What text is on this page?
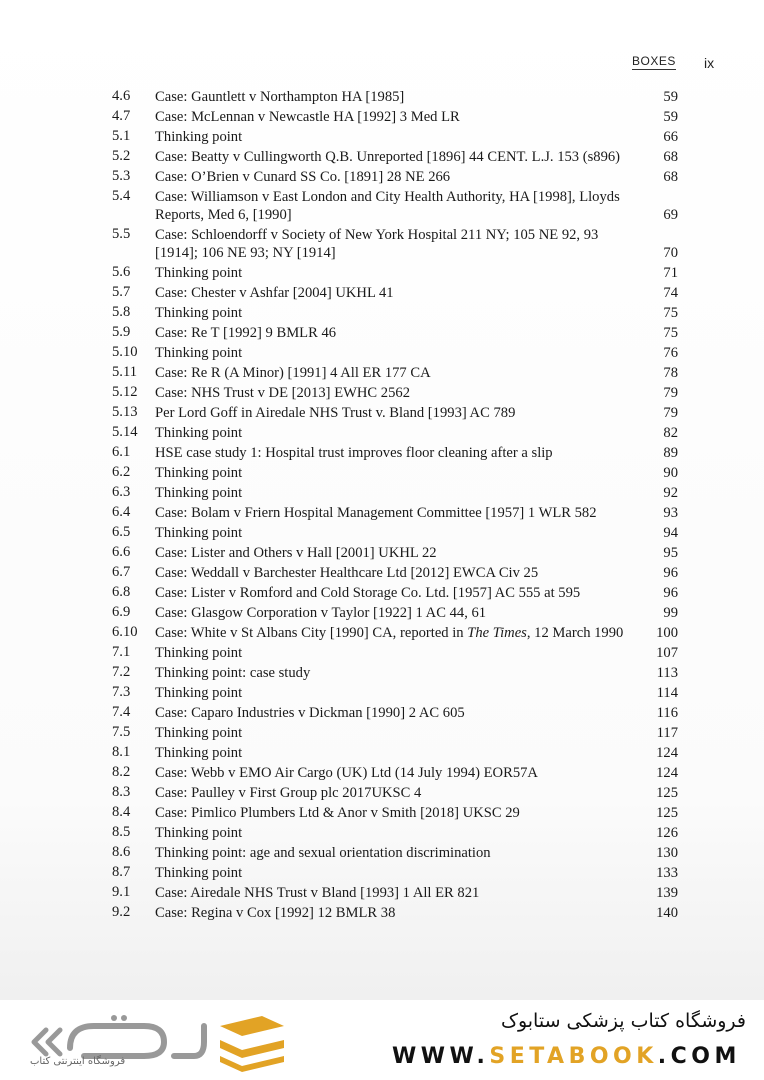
BOXES ix
4.6	Case: Gauntlett v Northampton HA [1985]	59
4.7	Case: McLennan v Newcastle HA [1992] 3 Med LR	59
5.1	Thinking point	66
5.2	Case: Beatty v Cullingworth Q.B. Unreported [1896] 44 CENT. L.J. 153 (s896)	68
5.3	Case: O’Brien v Cunard SS Co. [1891] 28 NE 266	68
5.4	Case: Williamson v East London and City Health Authority, HA [1998], Lloyds Reports, Med 6, [1990]	69
5.5	Case: Schloendorff v Society of New York Hospital 211 NY; 105 NE 92, 93 [1914]; 106 NE 93; NY [1914]	70
5.6	Thinking point	71
5.7	Case: Chester v Ashfar [2004] UKHL 41	74
5.8	Thinking point	75
5.9	Case: Re T [1992] 9 BMLR 46	75
5.10	Thinking point	76
5.11	Case: Re R (A Minor) [1991] 4 All ER 177 CA	78
5.12	Case: NHS Trust v DE [2013] EWHC 2562	79
5.13	Per Lord Goff in Airedale NHS Trust v. Bland [1993] AC 789	79
5.14	Thinking point	82
6.1	HSE case study 1: Hospital trust improves floor cleaning after a slip	89
6.2	Thinking point	90
6.3	Thinking point	92
6.4	Case: Bolam v Friern Hospital Management Committee [1957] 1 WLR 582	93
6.5	Thinking point	94
6.6	Case: Lister and Others v Hall [2001] UKHL 22	95
6.7	Case: Weddall v Barchester Healthcare Ltd [2012] EWCA Civ 25	96
6.8	Case: Lister v Romford and Cold Storage Co. Ltd. [1957] AC 555 at 595	96
6.9	Case: Glasgow Corporation v Taylor [1922] 1 AC 44, 61	99
6.10	Case: White v St Albans City [1990] CA, reported in The Times, 12 March 1990	100
7.1	Thinking point	107
7.2	Thinking point: case study	113
7.3	Thinking point	114
7.4	Case: Caparo Industries v Dickman [1990] 2 AC 605	116
7.5	Thinking point	117
8.1	Thinking point	124
8.2	Case: Webb v EMO Air Cargo (UK) Ltd (14 July 1994) EOR57A	124
8.3	Case: Paulley v First Group plc 2017UKSC 4	125
8.4	Case: Pimlico Plumbers Ltd & Anor v Smith [2018] UKSC 29	125
8.5	Thinking point	126
8.6	Thinking point: age and sexual orientation discrimination	130
8.7	Thinking point	133
9.1	Case: Airedale NHS Trust v Bland [1993] 1 All ER 821	139
9.2	Case: Regina v Cox [1992] 12 BMLR 38	140
فروشگاه اینترنتی کتاب
فروشگاه کتاب پزشکی ستابوک
WWW.SETABOOK.COM
